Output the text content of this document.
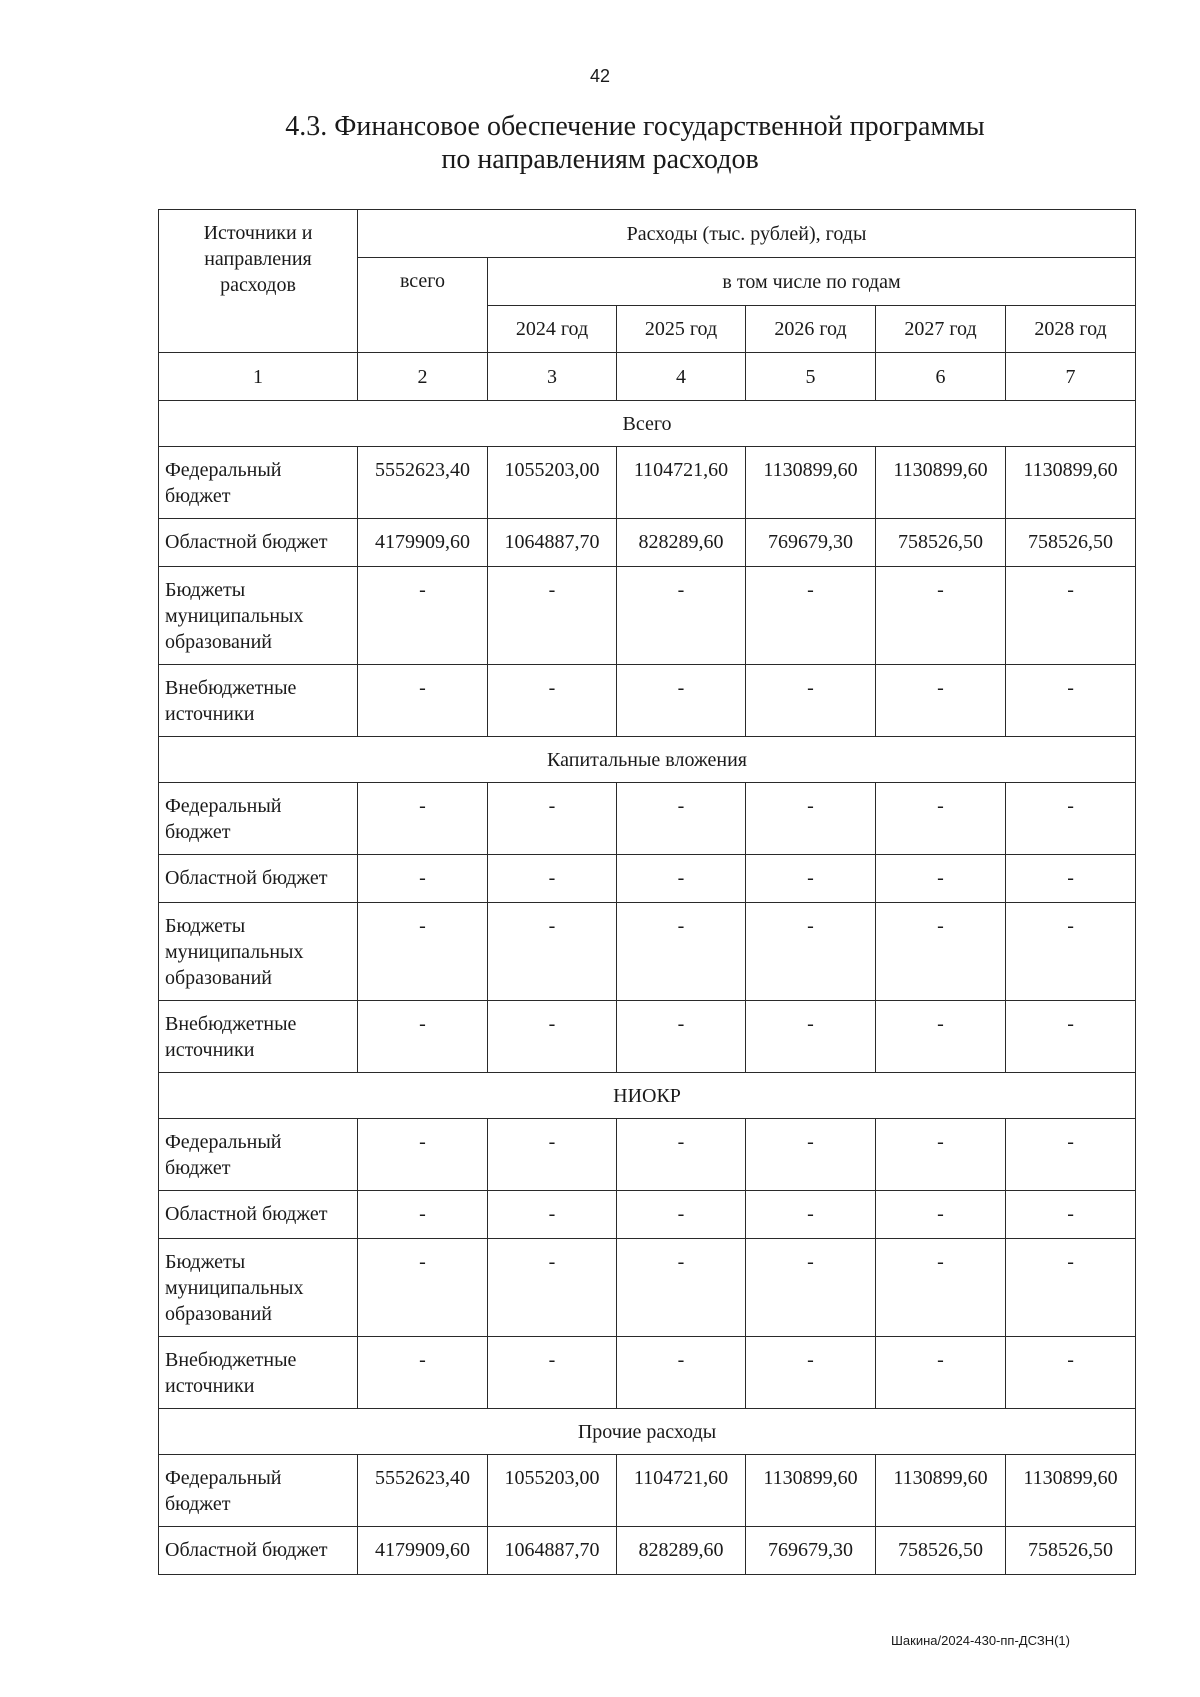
42
4.3. Финансовое обеспечение государственной программы
по направлениям расходов
Источники и направления расходов	Расходы (тыс. рублей), годы					
	всего	в том числе по годам				
		2024 год	2025 год	2026 год	2027 год	2028 год
1	2	3	4	5	6	7
Всего						
Федеральный бюджет	5552623,40	1055203,00	1104721,60	1130899,60	1130899,60	1130899,60
Областной бюджет	4179909,60	1064887,70	828289,60	769679,30	758526,50	758526,50
Бюджеты муниципальных образований	-	-	-	-	-	-
Внебюджетные источники	-	-	-	-	-	-
Капитальные вложения						
Федеральный бюджет	-	-	-	-	-	-
Областной бюджет	-	-	-	-	-	-
Бюджеты муниципальных образований	-	-	-	-	-	-
Внебюджетные источники	-	-	-	-	-	-
НИОКР						
Федеральный бюджет	-	-	-	-	-	-
Областной бюджет	-	-	-	-	-	-
Бюджеты муниципальных образований	-	-	-	-	-	-
Внебюджетные источники	-	-	-	-	-	-
Прочие расходы						
Федеральный бюджет	5552623,40	1055203,00	1104721,60	1130899,60	1130899,60	1130899,60
Областной бюджет	4179909,60	1064887,70	828289,60	769679,30	758526,50	758526,50
Шакина/2024-430-пп-ДСЗН(1)
